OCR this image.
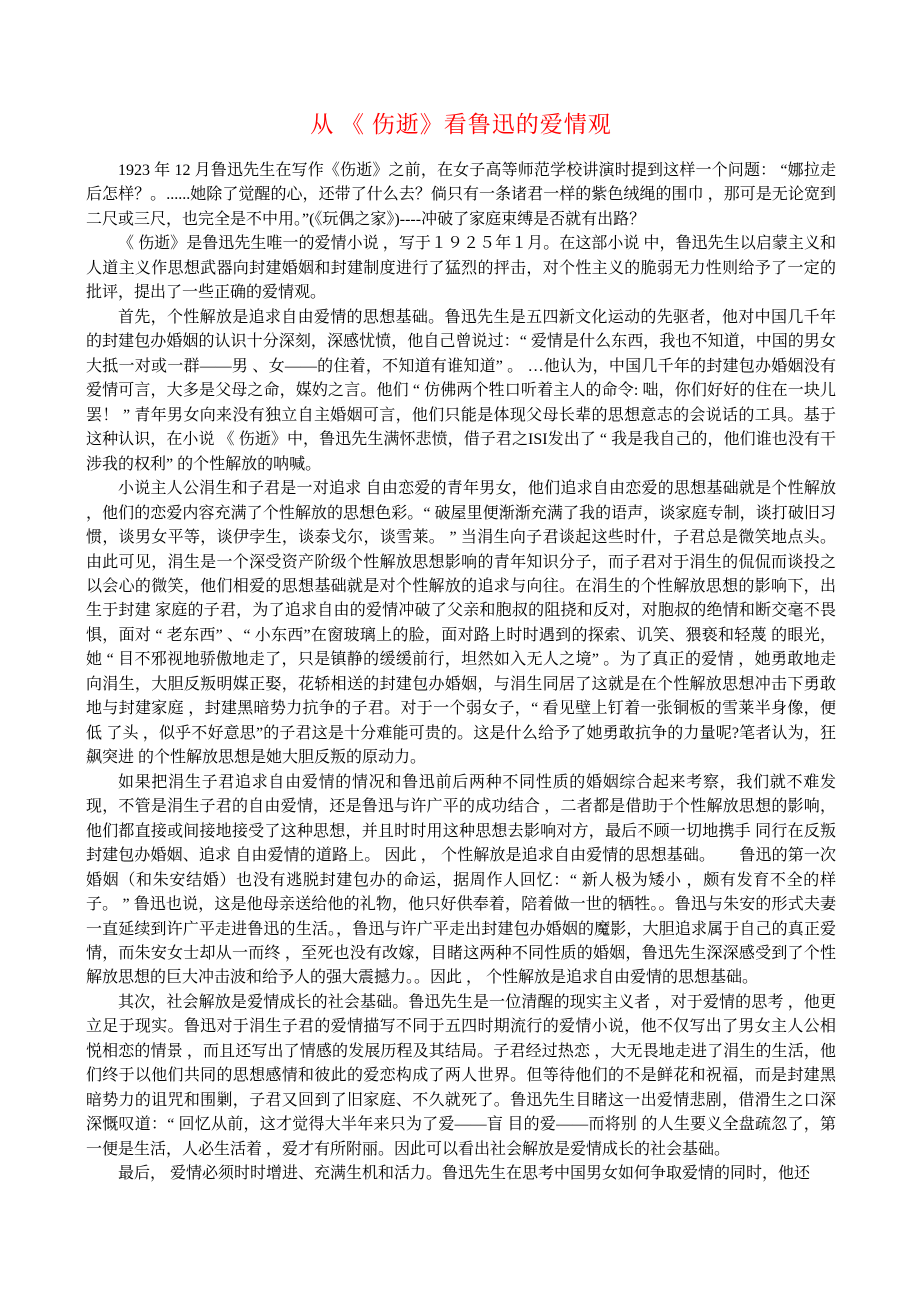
从 《 伤逝》看鲁迅的爱情观

1923 年 12 月鲁迅先生在写作《伤逝》之前，在女子高等师范学校讲演时提到这样一个问题： “娜拉走后怎样？。......她除了觉醒的心，还带了什么去？倘只有一条诸君一样的紫色绒绳的围巾 ，那可是无论宽到二尺或三尺，也完全是不中用。”(《玩偶之家》)----冲破了家庭束缚是否就有出路？

《 伤逝》是鲁迅先生唯一的爱情小说 ，写于１９２５年１月。在这部小说 中，鲁迅先生以启蒙主义和人道主义作思想武器向封建婚姻和封建制度进行了猛烈的抨击，对个性主义的脆弱无力性则给予了一定的批评，提出了一些正确的爱情观。

首先，个性解放是追求自由爱情的思想基础。鲁迅先生是五四新文化运动的先驱者，他对中国几千年的封建包办婚姻的认识十分深刻，深感忧愤，他自己曾说过：“ 爱情是什么东西，我也不知道，中国的男女大抵一对或一群——男 、女——的住着，不知道有谁知道” 。 …他认为，中国几千年的封建包办婚姻没有爱情可言，大多是父母之命，媒妁之言。他们 “ 仿佛两个牲口听着主人的命令: 咄，你们好好的住在一块儿罢！ ” 青年男女向来没有独立自主婚姻可言，他们只能是体现父母长辈的思想意志的会说话的工具。基于这种认识，在小说 《 伤逝》中，鲁迅先生满怀悲愤，借子君之ISI发出了 “ 我是我自己的，他们谁也没有干涉我的权利” 的个性解放的呐喊。

小说主人公涓生和子君是一对追求 自由恋爱的青年男女，他们追求自由恋爱的思想基础就是个性解放 ，他们的恋爱内容充满了个性解放的思想色彩。“ 破屋里便渐渐充满了我的语声，谈家庭专制，谈打破旧习惯，谈男女平等，谈伊孛生，谈泰戈尔，谈雪莱。 ” 当涓生向子君谈起这些时什，子君总是微笑地点头。由此可见，涓生是一个深受资产阶级个性解放思想影响的青年知识分子，而子君对于涓生的侃侃而谈投之以会心的微笑，他们相爱的思想基础就是对个性解放的追求与向往。在涓生的个性解放思想的影响下，出生于封建 家庭的子君，为了追求自由的爱情冲破了父亲和胞叔的阻挠和反对，对胞叔的绝情和断交毫不畏惧，面对 “ 老东西” 、“ 小东西”在窗玻璃上的脸，面对路上时时遇到的探索、讥笑、猥亵和轻蔑 的眼光，她 “ 目不邪视地骄傲地走了，只是镇静的缓缓前行，坦然如入无人之境” 。为了真正的爱情 ，她勇敢地走向涓生，大胆反叛明媒正娶，花轿相送的封建包办婚姻，与涓生同居了这就是在个性解放思想冲击下勇敢地与封建家庭 ，封建黑暗势力抗争的子君。对于一个弱女子，“ 看见壁上钉着一张铜板的雪莱半身像，便低 了头 ，似乎不好意思”的子君这是十分难能可贵的。这是什么给予了她勇敢抗争的力量呢?笔者认为，狂飙突进 的个性解放思想是她大胆反叛的原动力。

如果把涓生子君追求自由爱情的情况和鲁迅前后两种不同性质的婚姻综合起来考察，我们就不难发现，不管是涓生子君的自由爱情，还是鲁迅与许广平的成功结合 ，二者都是借助于个性解放思想的影响，他们都直接或间接地接受了这种思想，并且时时用这种思想去影响对方，最后不顾一切地携手 同行在反叛封建包办婚姻、追求 自由爱情的道路上。 因此 ， 个性解放是追求自由爱情的思想基础。　　鲁迅的第一次婚姻（和朱安结婚）也没有逃脱封建包办的命运，据周作人回忆：“ 新人极为矮小 ，颇有发育不全的样子。 ” 鲁迅也说，这是他母亲送给他的礼物，他只好供奉着，陪着做一世的牺牲。。鲁迅与朱安的形式夫妻一直延续到许广平走进鲁迅的生活。，鲁迅与许广平走出封建包办婚姻的魔影，大胆追求属于自己的真正爱情，而朱安女士却从一而终 ，至死也没有改嫁，目睹这两种不同性质的婚姻，鲁迅先生深深感受到了个性解放思想的巨大冲击波和给予人的强大震撼力。。因此 ， 个性解放是追求自由爱情的思想基础。

其次，社会解放是爱情成长的社会基础。鲁迅先生是一位清醒的现实主义者 ，对于爱情的思考 ，他更立足于现实。鲁迅对于涓生子君的爱情描写不同于五四时期流行的爱情小说，他不仅写出了男女主人公相悦相恋的情景 ，而且还写出了情感的发展历程及其结局。子君经过热恋 ，大无畏地走进了涓生的生活，他们终于以他们共同的思想感情和彼此的爱恋构成了两人世界。但等待他们的不是鲜花和祝福，而是封建黑暗势力的诅咒和围剿，子君又回到了旧家庭、不久就死了。鲁迅先生目睹这一出爱情悲剧，借滑生之口深深慨叹道：“ 回忆从前，这才觉得大半年来只为了爱——盲 目的爱——而将别 的人生要义全盘疏忽了，第一便是生活，人必生活着 ，爱才有所附丽。因此可以看出社会解放是爱情成长的社会基础。

最后， 爱情必须时时增进、充满生机和活力。鲁迅先生在思考中国男女如何争取爱情的同时，他还
